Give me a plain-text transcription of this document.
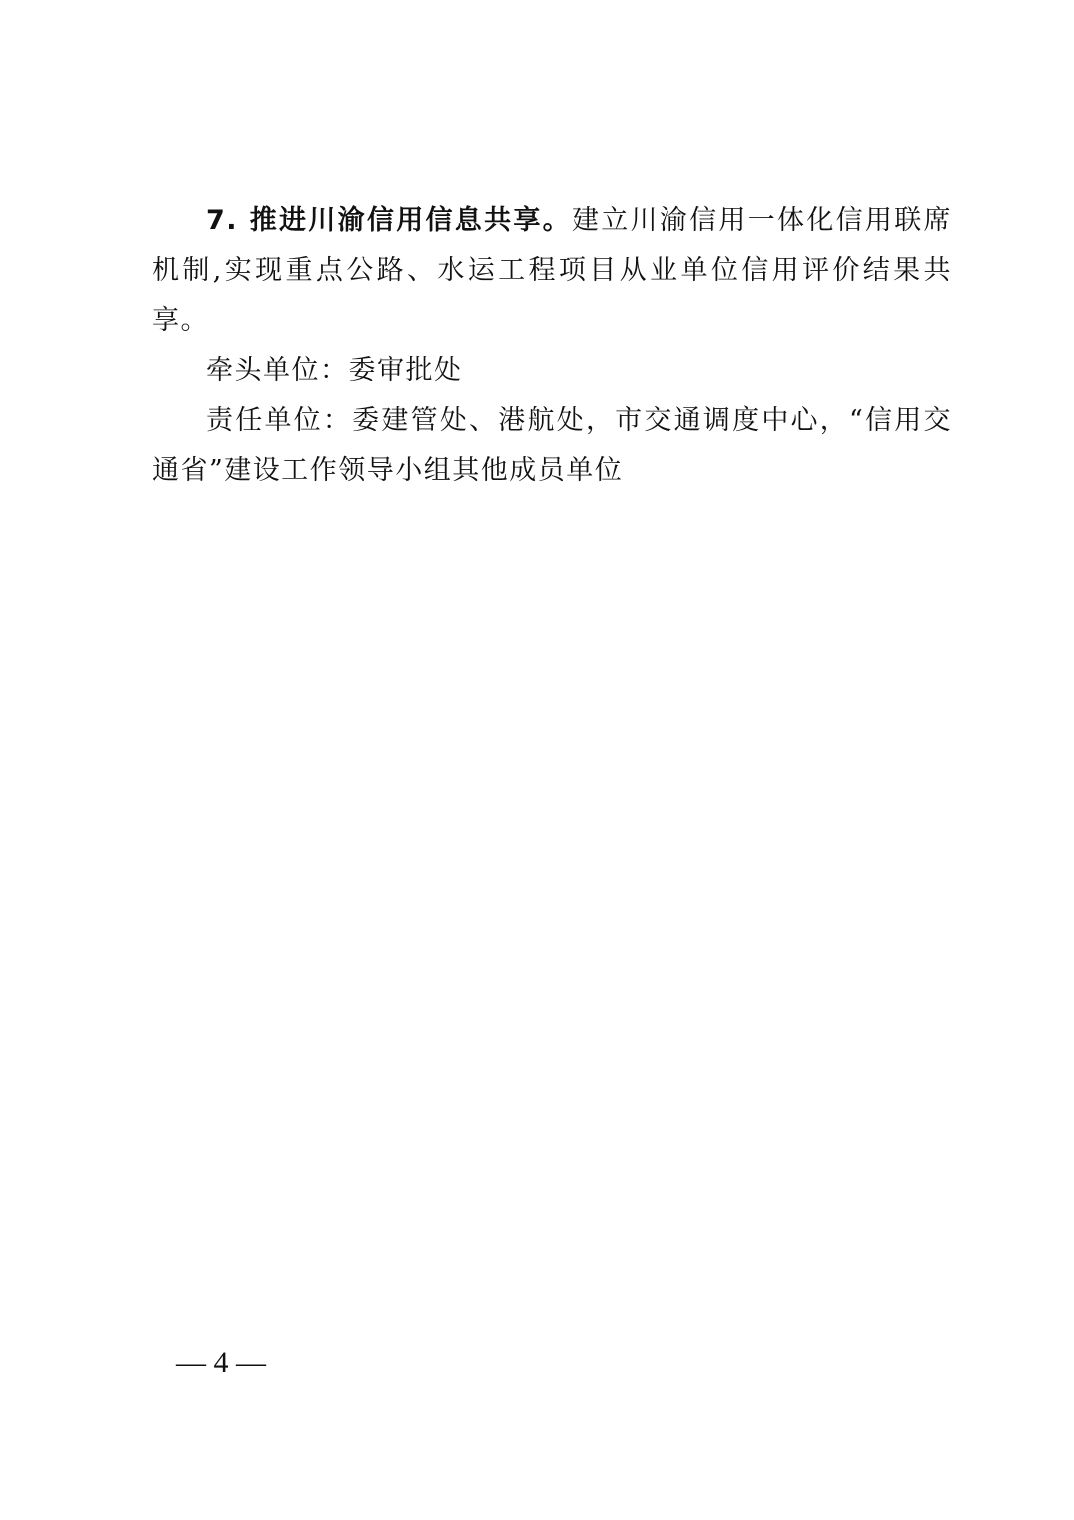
7. 推进川渝信用信息共享。建立川渝信用一体化信用联席机制,实现重点公路、水运工程项目从业单位信用评价结果共享。

牵头单位：委审批处

责任单位：委建管处、港航处，市交通调度中心，“信用交通省”建设工作领导小组其他成员单位

— 4 —
